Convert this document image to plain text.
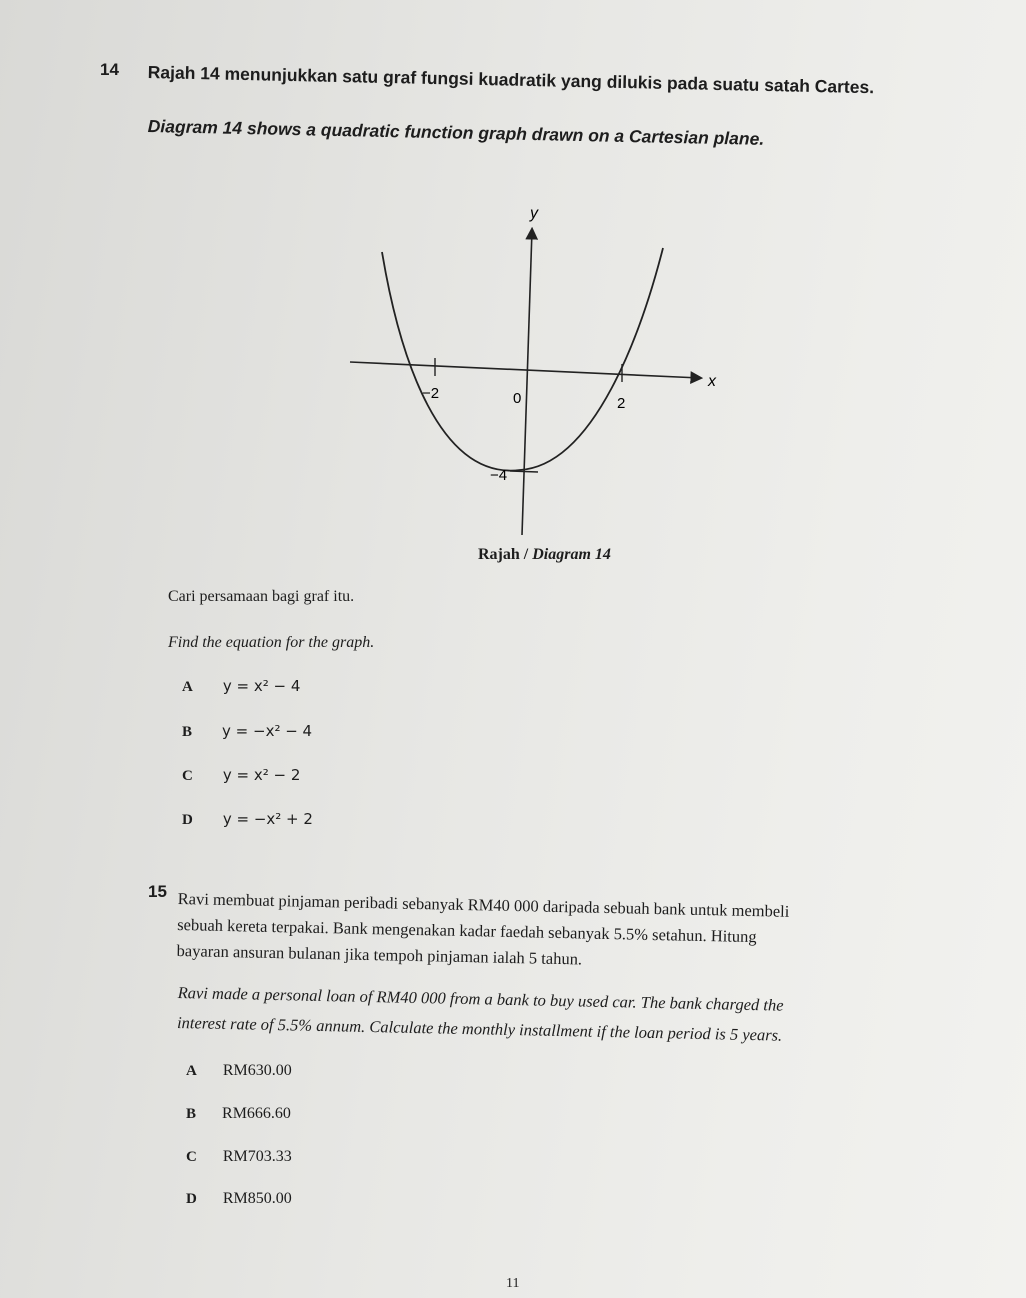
14 Rajah 14 menunjukkan satu graf fungsi kuadratik yang dilukis pada suatu satah Cartes.
Diagram 14 shows a quadratic function graph drawn on a Cartesian plane.
y
x
0
−2
2
−4
Rajah / Diagram 14
Cari persamaan bagi graf itu.
Find the equation for the graph.
A y = x² − 4
B y = −x² − 4
C y = x² − 2
D y = −x² + 2
15 Ravi membuat pinjaman peribadi sebanyak RM40 000 daripada sebuah bank untuk membeli
sebuah kereta terpakai. Bank mengenakan kadar faedah sebanyak 5.5% setahun. Hitung
bayaran ansuran bulanan jika tempoh pinjaman ialah 5 tahun.
Ravi made a personal loan of RM40 000 from a bank to buy used car. The bank charged the
interest rate of 5.5% annum. Calculate the monthly installment if the loan period is 5 years.
A RM630.00
B RM666.60
C RM703.33
D RM850.00
11
